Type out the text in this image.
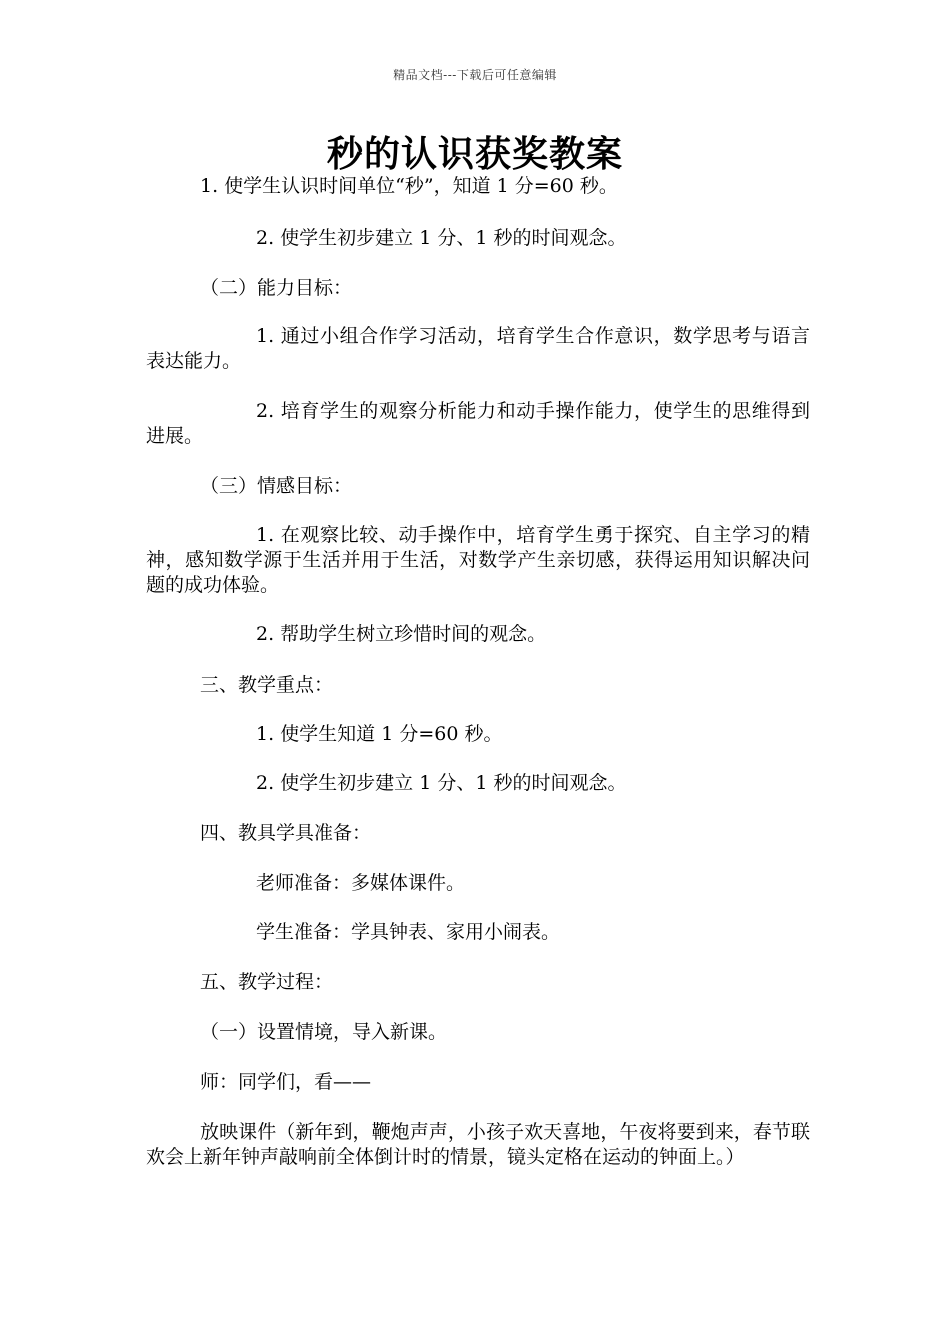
精品文档---下载后可任意编辑
秒的认识获奖教案
1. 使学生认识时间单位“秒”，知道 1 分=60 秒。
2. 使学生初步建立 1 分、1 秒的时间观念。
（二）能力目标：
1. 通过小组合作学习活动，培育学生合作意识，数学思考与语言表达能力。
2. 培育学生的观察分析能力和动手操作能力，使学生的思维得到进展。
（三）情感目标：
1. 在观察比较、动手操作中，培育学生勇于探究、自主学习的精神，感知数学源于生活并用于生活，对数学产生亲切感，获得运用知识解决问题的成功体验。
2. 帮助学生树立珍惜时间的观念。
三、教学重点：
1. 使学生知道 1 分=60 秒。
2. 使学生初步建立 1 分、1 秒的时间观念。
四、教具学具准备：
老师准备：多媒体课件。
学生准备：学具钟表、家用小闹表。
五、教学过程：
（一）设置情境，导入新课。
师：同学们，看——
放映课件（新年到，鞭炮声声，小孩子欢天喜地，午夜将要到来，春节联欢会上新年钟声敲响前全体倒计时的情景，镜头定格在运动的钟面上。）
